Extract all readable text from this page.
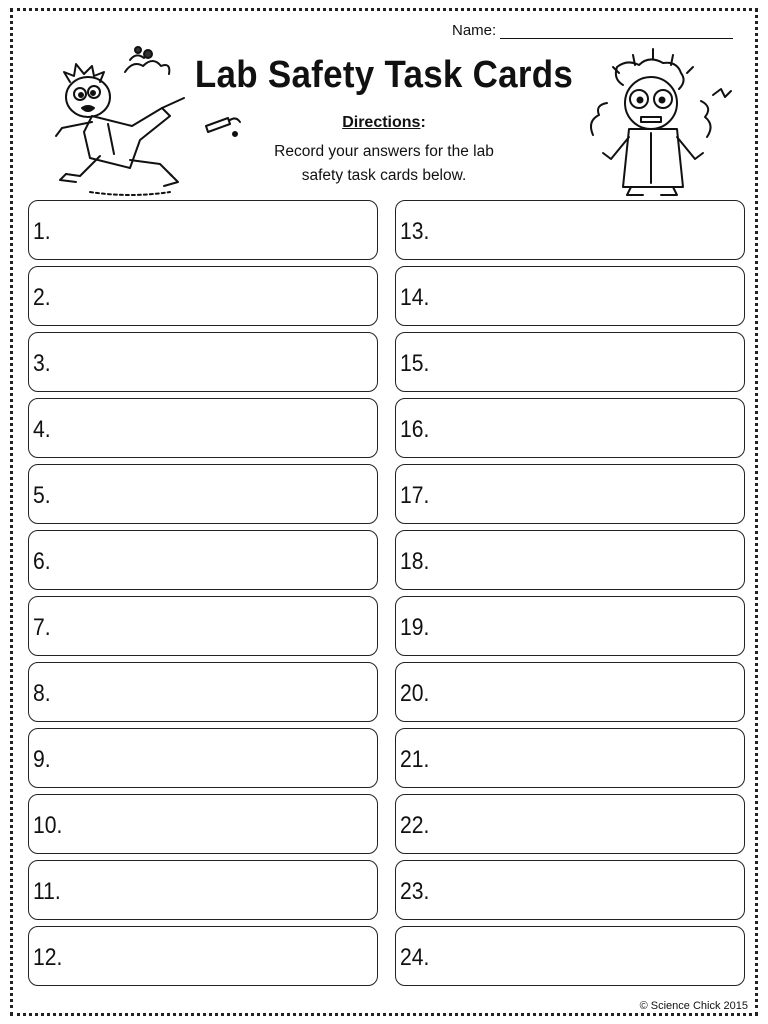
Name:
Lab Safety Task Cards
Directions:
Record your answers for the lab
safety task cards below.
1.
2.
3.
4.
5.
6.
7.
8.
9.
10.
11.
12.
13.
14.
15.
16.
17.
18.
19.
20.
21.
22.
23.
24.
© Science Chick 2015
